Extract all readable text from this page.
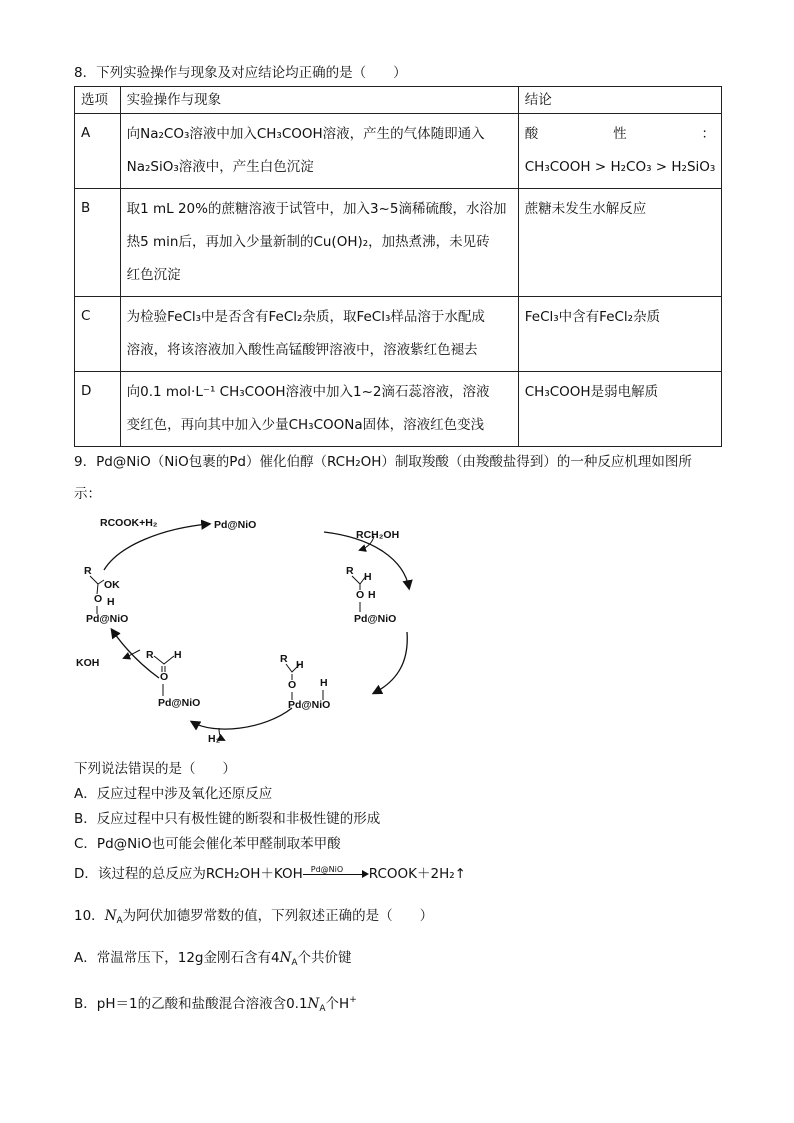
8．下列实验操作与现象及对应结论均正确的是（　　）
选项	实验操作与现象	结论
A	向Na₂CO₃溶液中加入CH₃COOH溶液，产生的气体随即通入
Na₂SiO₃溶液中，产生白色沉淀	酸　　　性　　　：
CH₃COOH > H₂CO₃ > H₂SiO₃

B	取1 mL 20%的蔗糖溶液于试管中，加入3~5滴稀硫酸，水浴加
热5 min后，再加入少量新制的Cu(OH)₂，加热煮沸，未见砖
红色沉淀	蔗糖未发生水解反应

C	为检验FeCl₃中是否含有FeCl₂杂质，取FeCl₃样品溶于水配成
溶液，将该溶液加入酸性高锰酸钾溶液中，溶液紫红色褪去	FeCl₃中含有FeCl₂杂质

D	向0.1 mol·L⁻¹ CH₃COOH溶液中加入1~2滴石蕊溶液，溶液
变红色，再向其中加入少量CH₃COONa固体，溶液红色变浅	CH₃COOH是弱电解质
9．Pd@NiO（NiO包裹的Pd）催化伯醇（RCH₂OH）制取羧酸（由羧酸盐得到）的一种反应机理如图所
示：
Pd@NiO
RCOOK+H₂
RCH₂OH
KOH
H₂
R
OK
O H
Pd@NiO
R H
O H
Pd@NiO
R H
O
Pd@NiO
R H
O H
Pd@NiO
下列说法错误的是（　　）
A．反应过程中涉及氧化还原反应
B．反应过程中只有极性键的断裂和非极性键的形成
C．Pd@NiO也可能会催化苯甲醛制取苯甲酸
D．该过程的总反应为RCH₂OH＋KOH Pd@NiO RCOOK＋2H₂↑
10．$N_A$为阿伏加德罗常数的值，下列叙述正确的是（　　）
A．常温常压下，12g金刚石含有$4N_A$个共价键
B．pH＝1的乙酸和盐酸混合溶液含$0.1N_A$个H+
